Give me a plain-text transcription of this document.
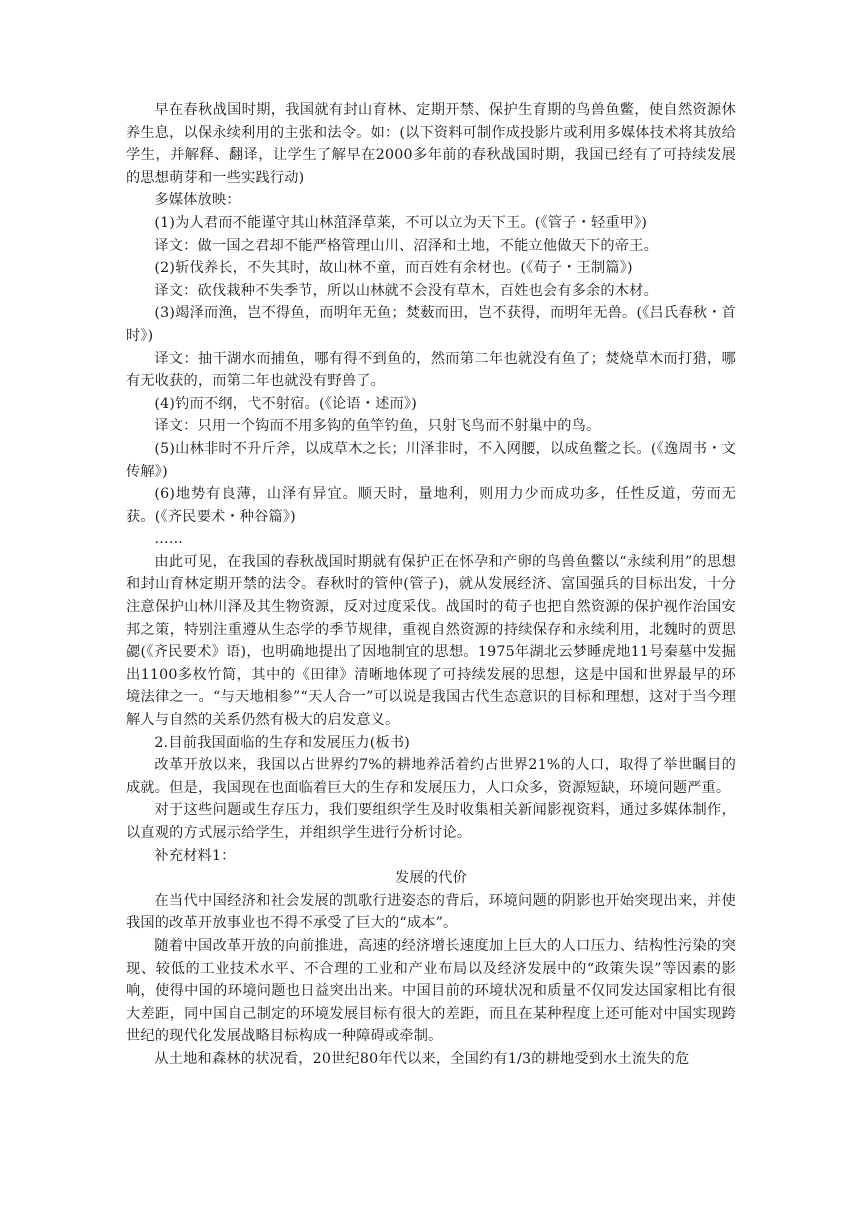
早在春秋战国时期，我国就有封山育林、定期开禁、保护生育期的鸟兽鱼鳖，使自然资源休养生息，以保永续利用的主张和法令。如：(以下资料可制作成投影片或利用多媒体技术将其放给学生，并解释、翻译，让学生了解早在2000多年前的春秋战国时期，我国已经有了可持续发展的思想萌芽和一些实践行动)

多媒体放映：

(1)为人君而不能谨守其山林菹泽草莱，不可以立为天下王。(《管子・轻重甲》)

译文：做一国之君却不能严格管理山川、沼泽和土地，不能立他做天下的帝王。

(2)斩伐养长，不失其时，故山林不童，而百姓有余材也。(《荀子・王制篇》)

译文：砍伐栽种不失季节，所以山林就不会没有草木，百姓也会有多余的木材。

(3)竭泽而渔，岂不得鱼，而明年无鱼；焚薮而田，岂不获得，而明年无兽。(《吕氏春秋・首时》)

译文：抽干湖水而捕鱼，哪有得不到鱼的，然而第二年也就没有鱼了；焚烧草木而打猎，哪有无收获的，而第二年也就没有野兽了。

(4)钓而不纲，弋不射宿。(《论语・述而》)

译文：只用一个钩而不用多钩的鱼竿钓鱼，只射飞鸟而不射巢中的鸟。

(5)山林非时不升斤斧，以成草木之长；川泽非时，不入网腰，以成鱼鳖之长。(《逸周书・文传解》)

(6)地势有良薄，山泽有异宜。顺天时，量地利，则用力少而成功多，任性反道，劳而无获。(《齐民要术・种谷篇》)

……

由此可见，在我国的春秋战国时期就有保护正在怀孕和产卵的鸟兽鱼鳖以“永续利用”的思想和封山育林定期开禁的法令。春秋时的管仲(管子)，就从发展经济、富国强兵的目标出发，十分注意保护山林川泽及其生物资源，反对过度采伐。战国时的荀子也把自然资源的保护视作治国安邦之策，特别注重遵从生态学的季节规律，重视自然资源的持续保存和永续利用，北魏时的贾思勰(《齐民要术》语)，也明确地提出了因地制宜的思想。1975年湖北云梦睡虎地11号秦墓中发掘出1100多枚竹简，其中的《田律》清晰地体现了可持续发展的思想，这是中国和世界最早的环境法律之一。“与天地相参”“天人合一”可以说是我国古代生态意识的目标和理想，这对于当今理解人与自然的关系仍然有极大的启发意义。

2.目前我国面临的生存和发展压力(板书)

改革开放以来，我国以占世界约7%的耕地养活着约占世界21%的人口，取得了举世瞩目的成就。但是，我国现在也面临着巨大的生存和发展压力，人口众多，资源短缺，环境问题严重。

对于这些问题或生存压力，我们要组织学生及时收集相关新闻影视资料，通过多媒体制作，以直观的方式展示给学生，并组织学生进行分析讨论。

补充材料1：

发展的代价

在当代中国经济和社会发展的凯歌行进姿态的背后，环境问题的阴影也开始突现出来，并使我国的改革开放事业也不得不承受了巨大的“成本”。

随着中国改革开放的向前推进，高速的经济增长速度加上巨大的人口压力、结构性污染的突现、较低的工业技术水平、不合理的工业和产业布局以及经济发展中的“政策失误”等因素的影响，使得中国的环境问题也日益突出出来。中国目前的环境状况和质量不仅同发达国家相比有很大差距，同中国自己制定的环境发展目标有很大的差距，而且在某种程度上还可能对中国实现跨世纪的现代化发展战略目标构成一种障碍或牵制。

从土地和森林的状况看，20世纪80年代以来，全国约有1/3的耕地受到水土流失的危
